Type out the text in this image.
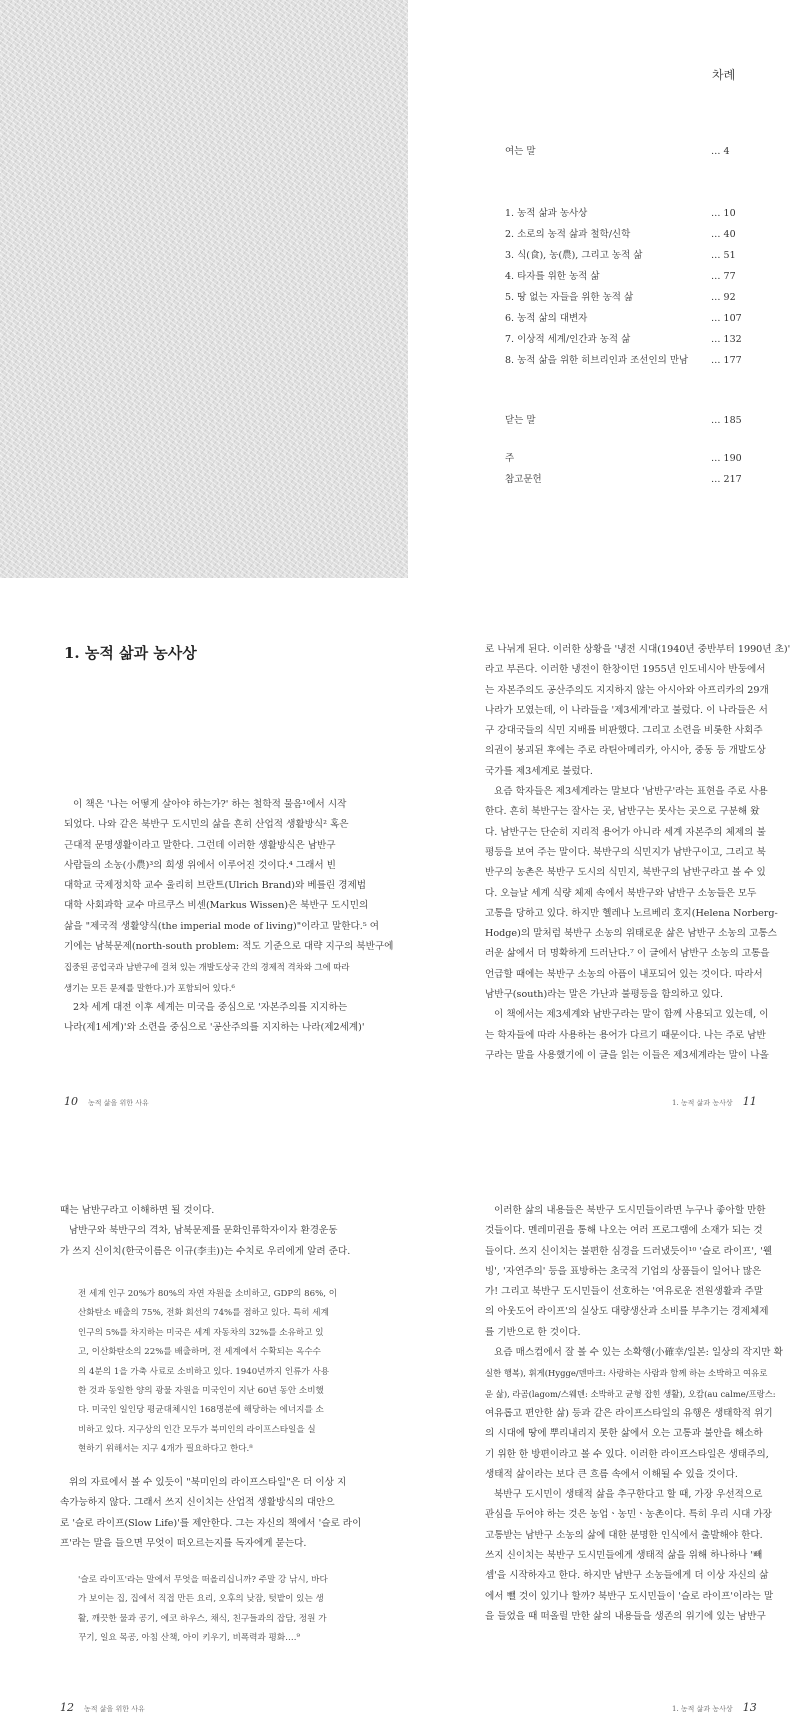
차례
여는 말	… 4
1. 농적 삶과 농사상	… 10
2. 소로의 농적 삶과 철학/신학	… 40
3. 식(食), 농(農), 그리고 농적 삶	… 51
4. 타자를 위한 농적 삶	… 77
5. 땅 없는 자들을 위한 농적 삶	… 92
6. 농적 삶의 대변자	… 107
7. 이상적 세계/인간과 농적 삶	… 132
8. 농적 삶을 위한 히브리인과 조선인의 만남 … 177
닫는 말	… 185
주	… 190
참고문헌	… 217
1. 농적 삶과 농사상

이 책은 '나는 어떻게 살아야 하는가?' 하는 철학적 물음¹에서 시작

되었다. 나와 같은 북반구 도시민의 삶을 흔히 산업적 생활방식² 혹은

근대적 문명생활이라고 말한다. 그런데 이러한 생활방식은 남반구

사람들의 소농(小農)³의 희생 위에서 이루어진 것이다.⁴ 그래서 빈

대학교 국제정치학 교수 울리히 브란트(Ulrich Brand)와 베를린 경제법

대학 사회과학 교수 마르쿠스 비센(Markus Wissen)은 북반구 도시민의

삶을 "제국적 생활양식(the imperial mode of living)"이라고 말한다.⁵ 여

기에는 남북문제(north-south problem: 적도 기준으로 대략 지구의 북반구에

집중된 공업국과 남반구에 걸쳐 있는 개발도상국 간의 경제적 격차와 그에 따라

생기는 모든 문제를 말한다.)가 포함되어 있다.⁶

2차 세계 대전 이후 세계는 미국을 중심으로 '자본주의를 지지하는

나라(제1세계)'와 소련을 중심으로 '공산주의를 지지하는 나라(제2세계)'

10 농적 삶을 위한 사유

로 나뉘게 된다. 이러한 상황을 '냉전 시대(1940년 중반부터 1990년 초)'

라고 부른다. 이러한 냉전이 한창이던 1955년 인도네시아 반둥에서

는 자본주의도 공산주의도 지지하지 않는 아시아와 아프리카의 29개

나라가 모였는데, 이 나라들을 '제3세계'라고 불렀다. 이 나라들은 서

구 강대국들의 식민 지배를 비판했다. 그리고 소련을 비롯한 사회주

의권이 붕괴된 후에는 주로 라틴아메리카, 아시아, 중동 등 개발도상

국가를 제3세계로 불렀다.

요즘 학자들은 제3세계라는 말보다 '남반구'라는 표현을 주로 사용

한다. 흔히 북반구는 잘사는 곳, 남반구는 못사는 곳으로 구분해 왔

다. 남반구는 단순히 지리적 용어가 아니라 세계 자본주의 체제의 불

평등을 보여 주는 말이다. 북반구의 식민지가 남반구이고, 그리고 북

반구의 농촌은 북반구 도시의 식민지, 북반구의 남반구라고 볼 수 있

다. 오늘날 세계 식량 체제 속에서 북반구와 남반구 소농들은 모두

고통을 당하고 있다. 하지만 헬레나 노르베리 호지(Helena Norberg-

Hodge)의 말처럼 북반구 소농의 위태로운 삶은 남반구 소농의 고통스

러운 삶에서 더 명확하게 드러난다.⁷ 이 글에서 남반구 소농의 고통을

언급할 때에는 북반구 소농의 아픔이 내포되어 있는 것이다. 따라서

남반구(south)라는 말은 가난과 불평등을 함의하고 있다.

이 책에서는 제3세계와 남반구라는 말이 함께 사용되고 있는데, 이

는 학자들에 따라 사용하는 용어가 다르기 때문이다. 나는 주로 남반

구라는 말을 사용했기에 이 글을 읽는 이들은 제3세계라는 말이 나올

1. 농적 삶과 농사상 11

때는 남반구라고 이해하면 될 것이다.

남반구와 북반구의 격차, 남북문제를 문화인류학자이자 환경운동

가 쓰지 신이치(한국이름은 이규(李圭))는 수치로 우리에게 알려 준다.

전 세계 인구 20%가 80%의 자연 자원을 소비하고, GDP의 86%, 이

산화탄소 배출의 75%, 전화 회선의 74%를 점하고 있다. 특히 세계

인구의 5%를 차지하는 미국은 세계 자동차의 32%를 소유하고 있

고, 이산화탄소의 22%를 배출하며, 전 세계에서 수확되는 옥수수

의 4분의 1을 가축 사료로 소비하고 있다. 1940년까지 인류가 사용

한 것과 동일한 양의 광물 자원을 미국인이 지난 60년 동안 소비했

다. 미국인 일인당 평균대체시인 168명분에 해당하는 에너지를 소

비하고 있다. 지구상의 인간 모두가 북미인의 라이프스타일을 실

현하기 위해서는 지구 4개가 필요하다고 한다.⁸

위의 자료에서 볼 수 있듯이 "북미인의 라이프스타일"은 더 이상 지

속가능하지 않다. 그래서 쓰지 신이치는 산업적 생활방식의 대안으

로 '슬로 라이프(Slow Life)'를 제안한다. 그는 자신의 책에서 '슬로 라이

프'라는 말을 들으면 무엇이 떠오르는지를 독자에게 묻는다.

'슬로 라이프'라는 말에서 무엇을 떠올리십니까? 주말 강 낚시, 바다

가 보이는 집, 집에서 직접 만든 요리, 오후의 낮잠, 텃밭이 있는 생

활, 깨끗한 물과 공기, 에코 하우스, 채식, 친구들과의 잡담, 정원 가

꾸기, 일요 목공, 아침 산책, 아이 키우기, 비폭력과 평화….⁹

12 농적 삶을 위한 사유

이러한 삶의 내용들은 북반구 도시민들이라면 누구나 좋아할 만한

것들이다. 멘레미권을 통해 나오는 여러 프로그램에 소재가 되는 것

들이다. 쓰지 신이치는 불편한 심경을 드러냈듯이¹⁰ '슬로 라이프', '웰

빙', '자연주의' 등을 표방하는 초국적 기업의 상품들이 일어나 많은

가! 그리고 북반구 도시민들이 선호하는 '여유로운 전원생활과 주말

의 아웃도어 라이프'의 실상도 대량생산과 소비를 부추기는 경제체제

를 기반으로 한 것이다.

요즘 매스컴에서 잘 볼 수 있는 소확행(小確幸/일본: 일상의 작지만 확

실한 행복), 휘게(Hygge/덴마크: 사랑하는 사람과 함께 하는 소박하고 여유로

운 삶), 라곰(lagom/스웨덴: 소박하고 균형 잡힌 생활), 오캄(au calme/프랑스:

여유롭고 편안한 삶) 등과 같은 라이프스타일의 유행은 생태학적 위기

의 시대에 땅에 뿌리내리지 못한 삶에서 오는 고통과 불안을 해소하

기 위한 한 방편이라고 볼 수 있다. 이러한 라이프스타일은 생태주의,

생태적 삶이라는 보다 큰 흐름 속에서 이해될 수 있을 것이다.

북반구 도시민이 생태적 삶을 추구한다고 할 때, 가장 우선적으로

관심을 두어야 하는 것은 농업ㆍ농민ㆍ농촌이다. 특히 우리 시대 가장

고통받는 남반구 소농의 삶에 대한 분명한 인식에서 출발해야 한다.

쓰지 신이치는 북반구 도시민들에게 생태적 삶을 위해 하나하나 '빼

셈'을 시작하자고 한다. 하지만 남반구 소농들에게 더 이상 자신의 삶

에서 뺄 것이 있기나 할까? 북반구 도시민들이 '슬로 라이프'이라는 말

을 들었을 때 떠올릴 만한 삶의 내용들을 생존의 위기에 있는 남반구

1. 농적 삶과 농사상 13
